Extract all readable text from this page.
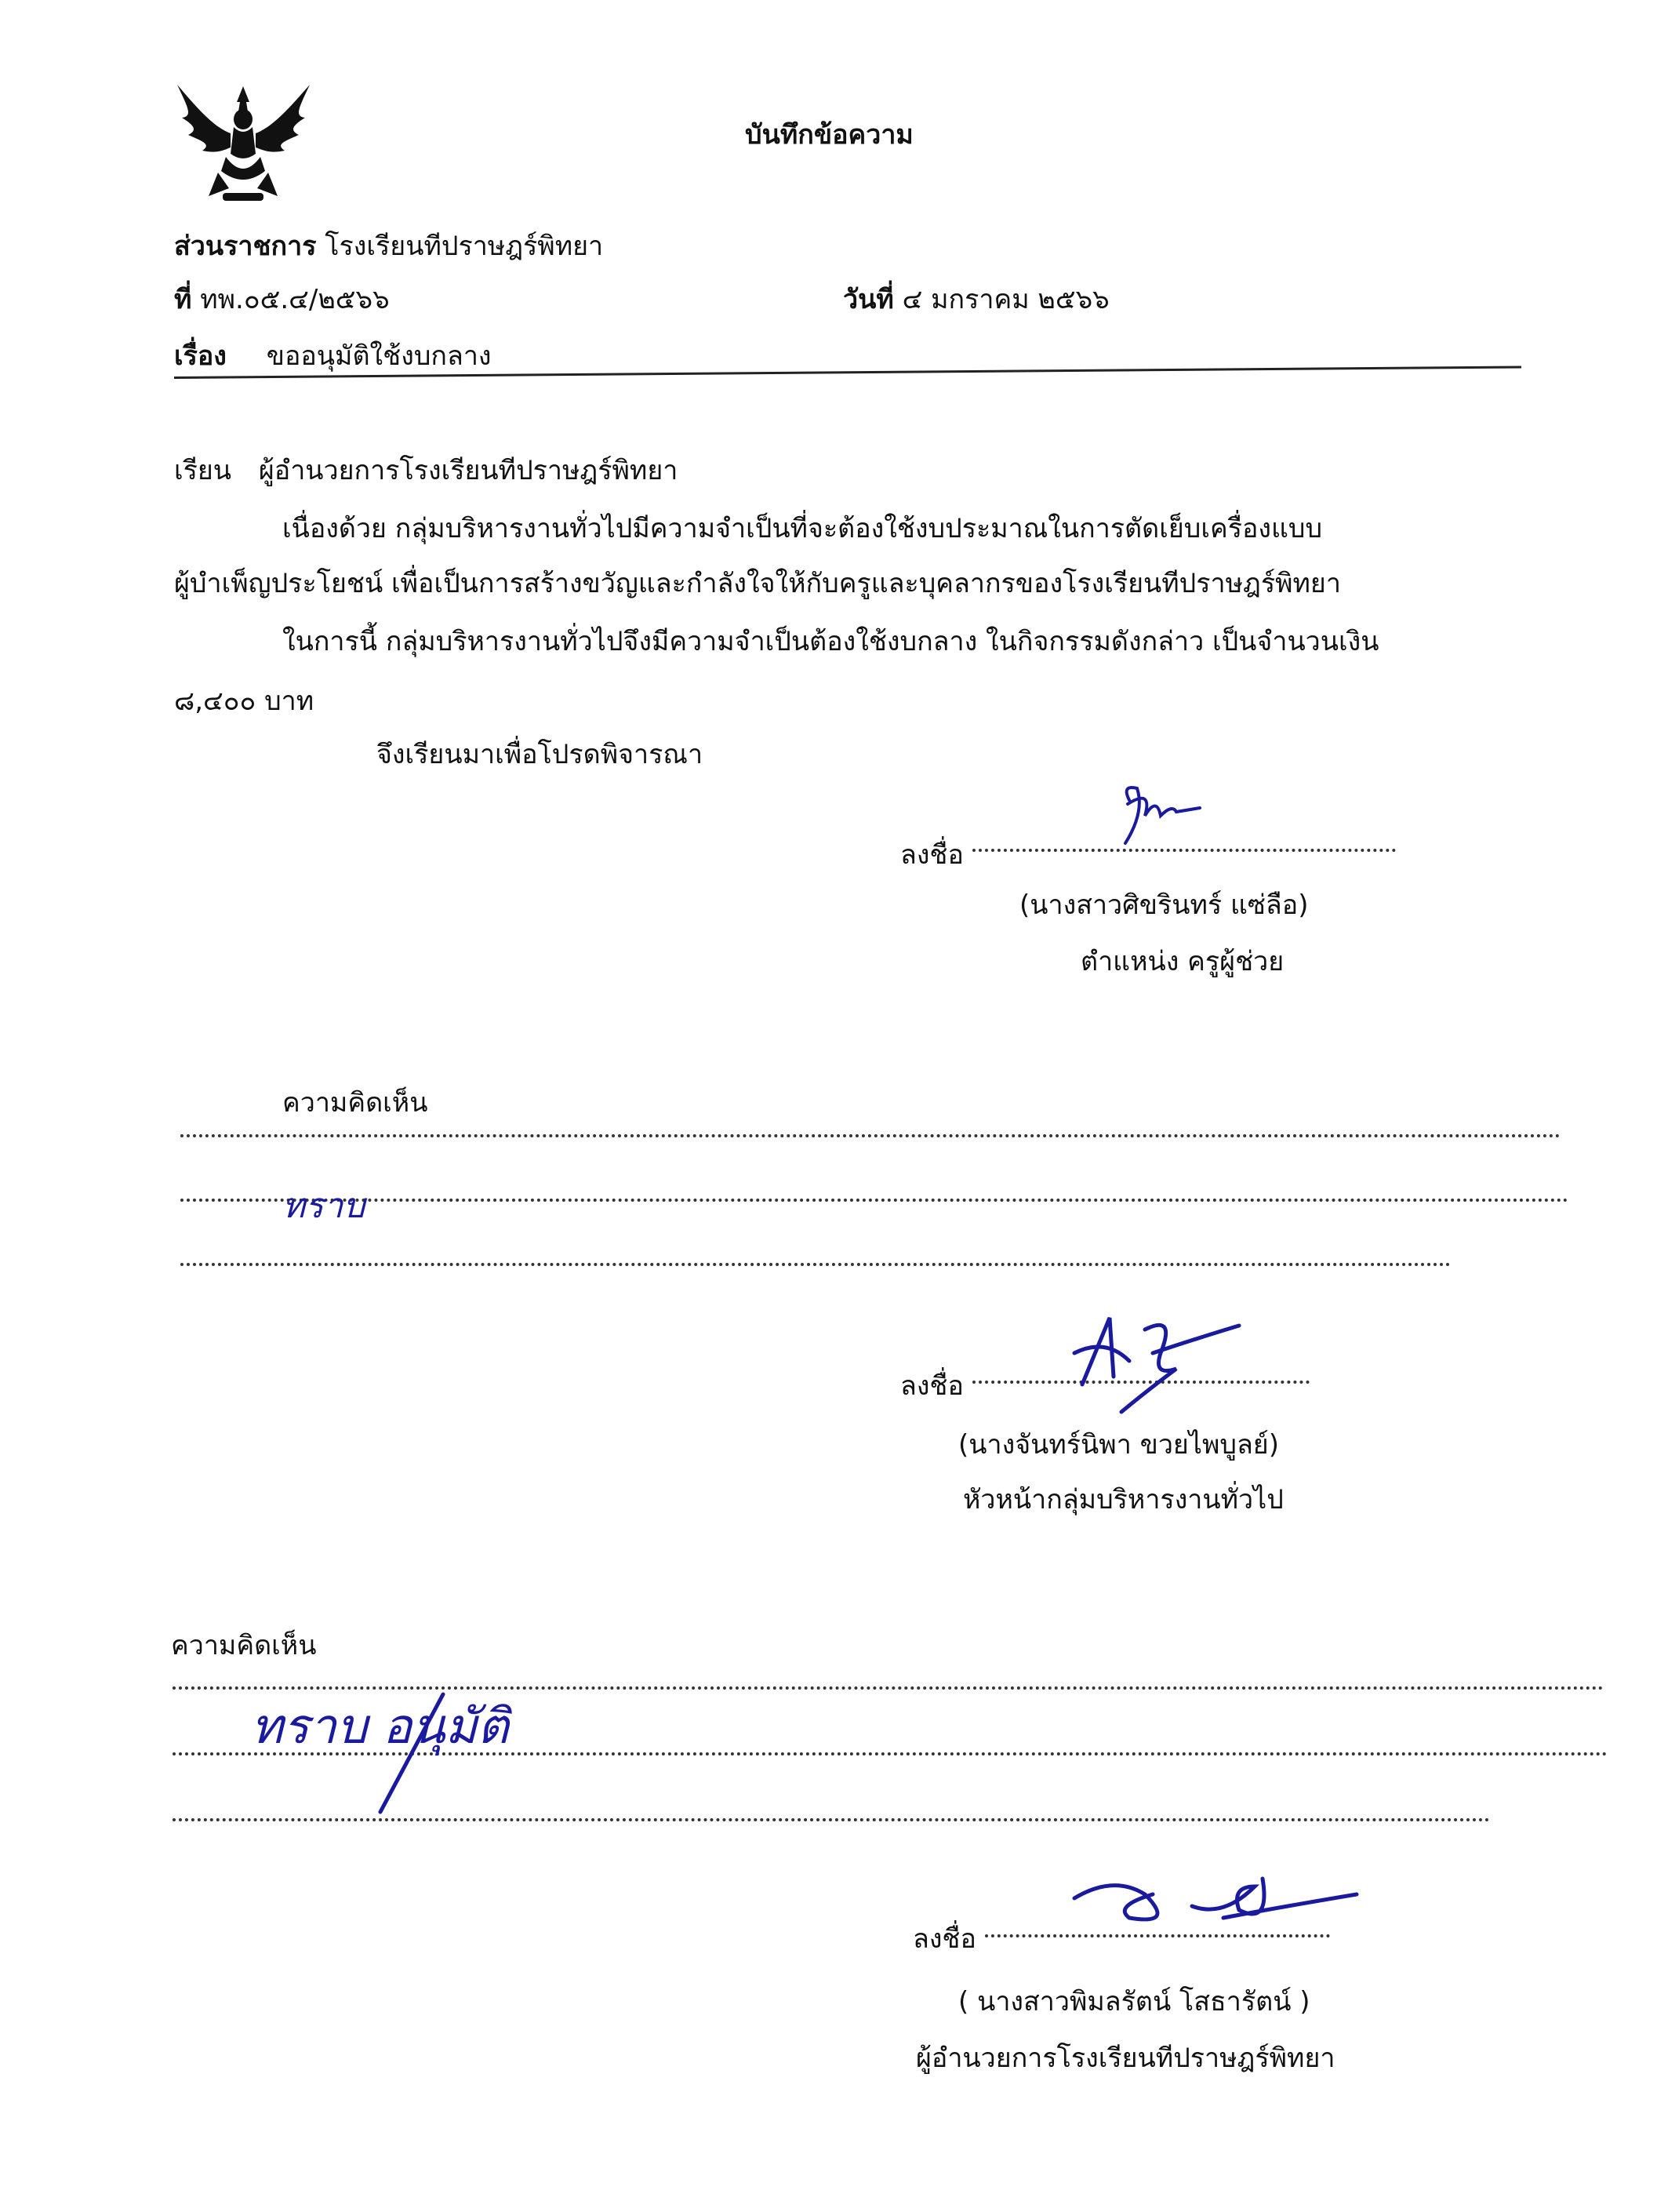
บันทึกข้อความ
ส่วนราชการ โรงเรียนทีปราษฎร์พิทยา
ที่ ทพ.๐๕.๔/๒๕๖๖	วันที่ ๔ มกราคม ๒๕๖๖
เรื่อง ขออนุมัติใช้งบกลาง
เรียน ผู้อำนวยการโรงเรียนทีปราษฎร์พิทยา
เนื่องด้วย กลุ่มบริหารงานทั่วไปมีความจำเป็นที่จะต้องใช้งบประมาณในการตัดเย็บเครื่องแบบ
ผู้บำเพ็ญประโยชน์ เพื่อเป็นการสร้างขวัญและกำลังใจให้กับครูและบุคลากรของโรงเรียนทีปราษฎร์พิทยา
ในการนี้ กลุ่มบริหารงานทั่วไปจึงมีความจำเป็นต้องใช้งบกลาง ในกิจกรรมดังกล่าว เป็นจำนวนเงิน
๘,๔๐๐ บาท
จึงเรียนมาเพื่อโปรดพิจารณา
ลงชื่อ
(นางสาวศิขรินทร์ แซ่ลือ)
ตำแหน่ง ครูผู้ช่วย
ความคิดเห็น
ทราบ
ลงชื่อ
(นางจันทร์นิพา ขวยไพบูลย์)
หัวหน้ากลุ่มบริหารงานทั่วไป
ความคิดเห็น
ทราบ อนุมัติ
ลงชื่อ
( นางสาวพิมลรัตน์ โสธารัตน์ )
ผู้อำนวยการโรงเรียนทีปราษฎร์พิทยา
